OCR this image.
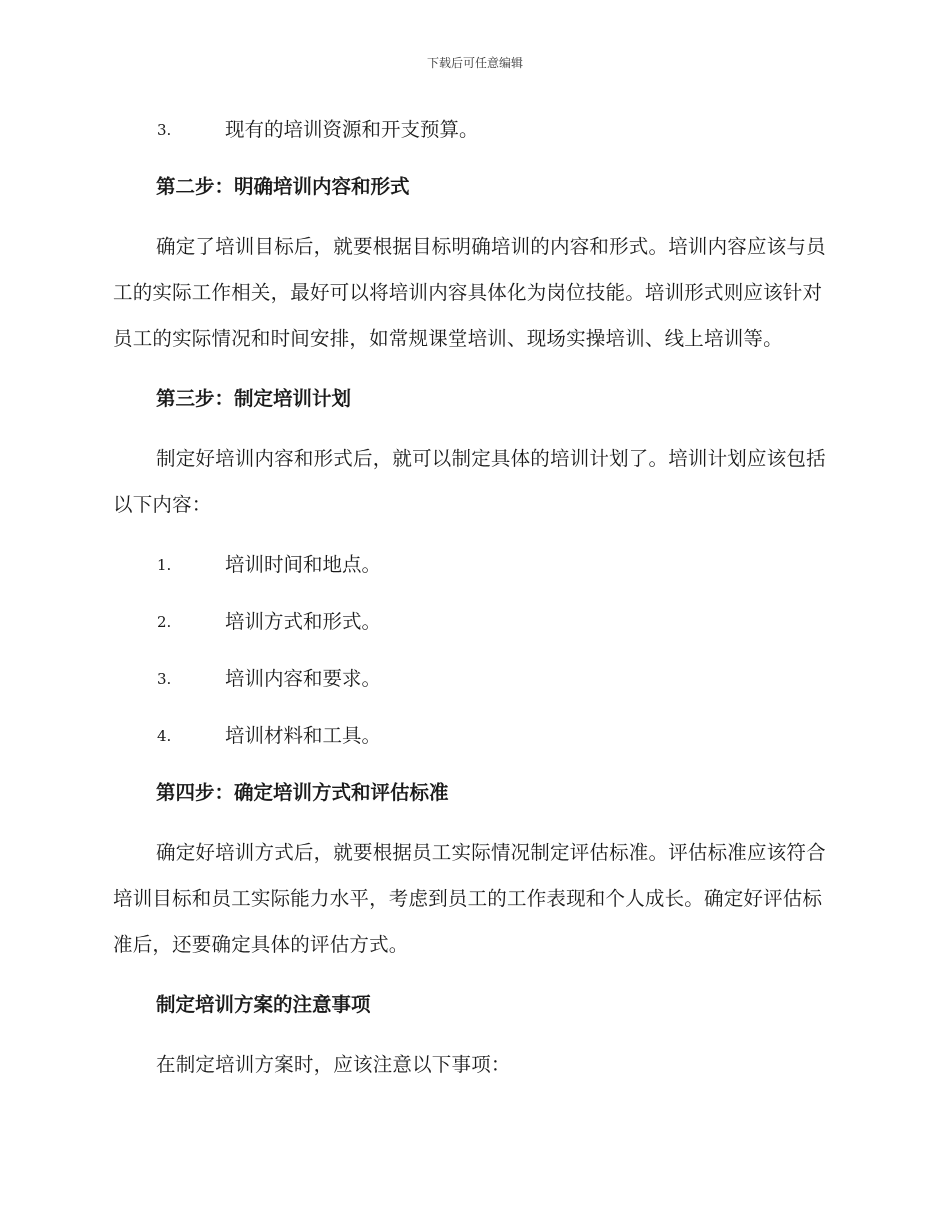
下载后可任意编辑
3.	现有的培训资源和开支预算。
第二步：明确培训内容和形式

确定了培训目标后，就要根据目标明确培训的内容和形式。培训内容应该与员工的实际工作相关，最好可以将培训内容具体化为岗位技能。培训形式则应该针对员工的实际情况和时间安排，如常规课堂培训、现场实操培训、线上培训等。

第三步：制定培训计划

制定好培训内容和形式后，就可以制定具体的培训计划了。培训计划应该包括以下内容：

1.	培训时间和地点。
2.	培训方式和形式。
3.	培训内容和要求。
4.	培训材料和工具。
第四步：确定培训方式和评估标准

确定好培训方式后，就要根据员工实际情况制定评估标准。评估标准应该符合培训目标和员工实际能力水平，考虑到员工的工作表现和个人成长。确定好评估标准后，还要确定具体的评估方式。

制定培训方案的注意事项

在制定培训方案时，应该注意以下事项：
